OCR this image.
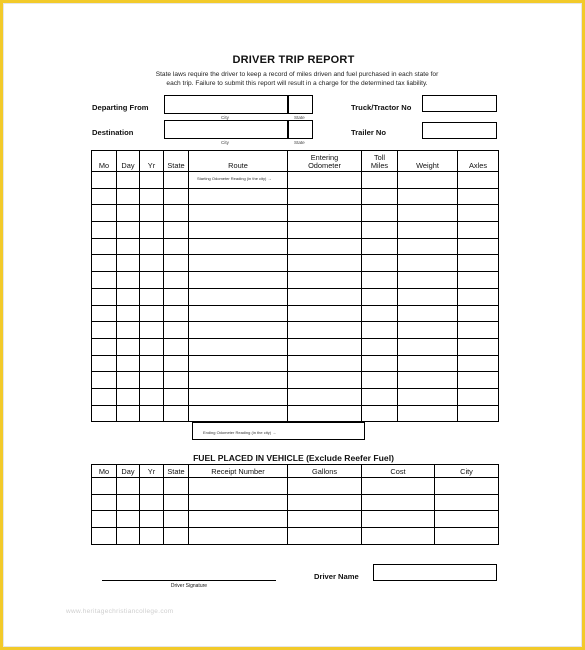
DRIVER TRIP REPORT
State laws require the driver to keep a record of miles driven and fuel purchased in each state for
each trip. Failure to submit this report will result in a charge for the determined tax liability.
Departing From
City	State
Destination
City	State
Truck/Tractor No
Trailer No
Mo	Day	Yr	State	Route	Entering Odometer	Toll Miles	Weight	Axles

				Starting Odometer Reading (in the city) →				

Ending Odometer Reading (in the city) →
FUEL PLACED IN VEHICLE (Exclude Reefer Fuel)
Mo	Day	Yr	State	Receipt Number	Gallons	Cost	City

Driver Signature
Driver Name
www.heritagechristiancollege.com
